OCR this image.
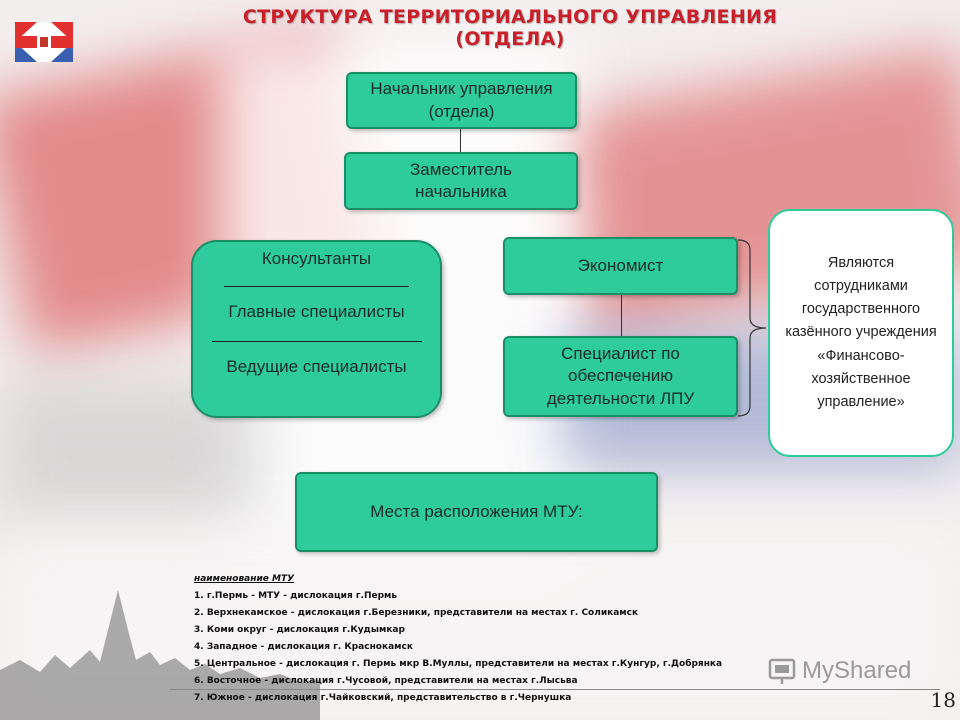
СТРУКТУРА ТЕРРИТОРИАЛЬНОГО УПРАВЛЕНИЯ (ОТДЕЛА)
Начальник управления (отдела)
Заместитель начальника
Консультанты
Главные специалисты
Ведущие специалисты
Экономист
Специалист по обеспечению деятельности ЛПУ
Являются сотрудниками государственного казённого учреждения «Финансово-хозяйственное управление»
Места расположения МТУ:
наименование МТУ
1. г.Пермь - МТУ - дислокация г.Пермь
2. Верхнекамское - дислокация г.Березники, представители на местах г. Соликамск
3. Коми округ - дислокация г.Кудымкар
4. Западное - дислокация г. Краснокамск
5. Центральное - дислокация г. Пермь мкр В.Муллы, представители на местах г.Кунгур, г.Добрянка
6. Восточное - дислокация г.Чусовой, представители на местах г.Лысьва
7. Южное - дислокация г.Чайковский, представительство в г.Чернушка
MyShared
18
